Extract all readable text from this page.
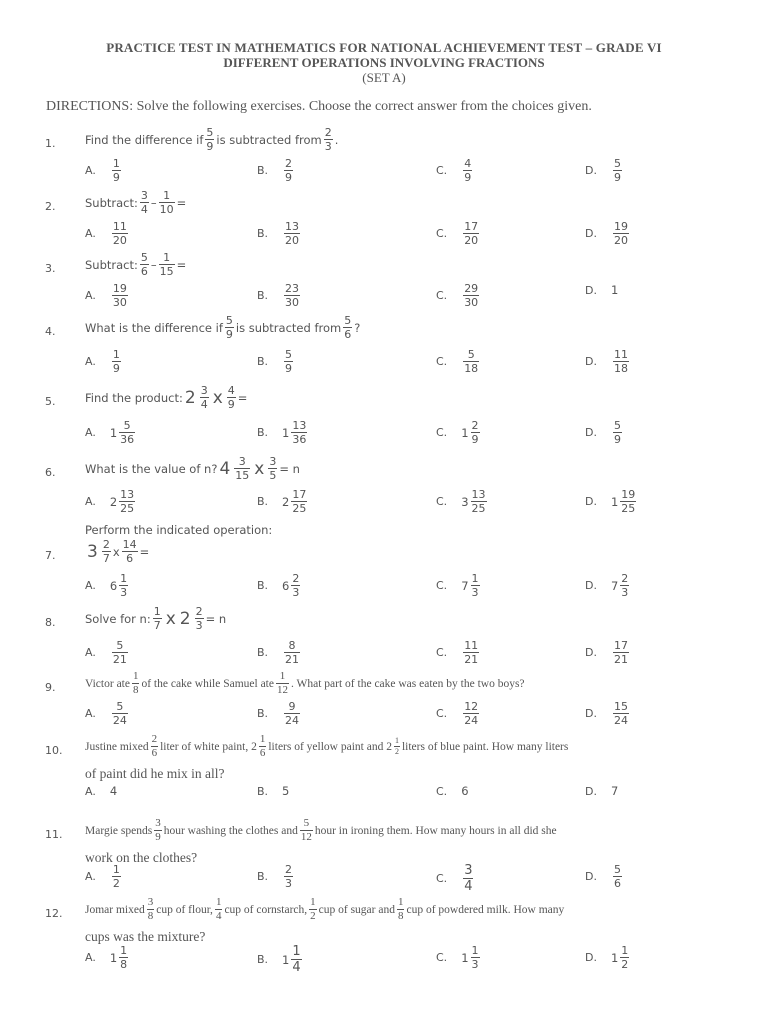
PRACTICE TEST IN MATHEMATICS FOR NATIONAL ACHIEVEMENT TEST – GRADE VI
DIFFERENT OPERATIONS INVOLVING FRACTIONS
(SET A)
DIRECTIONS: Solve the following exercises. Choose the correct answer from the choices given.
Perform the indicated operation:
1.	Find the difference if $\frac{5}{9}$ is subtracted from $\frac{2}{3}$ .
A. $\frac{1}{9}$	B. $\frac{2}{9}$	C. $\frac{4}{9}$	D. $\frac{5}{9}$
2.	Subtract: $\frac{3}{4} - \frac{1}{10}$ =
A. $\frac{11}{20}$	B. $\frac{13}{20}$	C. $\frac{17}{20}$	D. $\frac{19}{20}$
3.	Subtract: $\frac{5}{6} - \frac{1}{15}$ =
A. $\frac{19}{30}$	B. $\frac{23}{30}$	C. $\frac{29}{30}$	D. 1
4.	What is the difference if $\frac{5}{9}$ is subtracted from $\frac{5}{6}$ ?
A. $\frac{1}{9}$	B. $\frac{5}{9}$	C. $\frac{5}{18}$	D. $\frac{11}{18}$
5.	Find the product: $2 \frac{3}{4}$ x $\frac{4}{9}$ =
A. $1 \frac{5}{36}$	B. $1 \frac{13}{36}$	C. $1 \frac{2}{9}$	D. $\frac{5}{9}$
6.	What is the value of n? $4 \frac{3}{15}$ x $\frac{3}{5} = n$
A. $2 \frac{13}{25}$	B. $2 \frac{17}{25}$	C. $3 \frac{13}{25}$	D. $1 \frac{19}{25}$
7. $3 \frac{2}{7}$ x $\frac{14}{6}$ =
A. $6 \frac{1}{3}$	B. $6 \frac{2}{3}$	C. $7 \frac{1}{3}$	D. $7 \frac{2}{3}$
8.	Solve for n: $\frac{1}{7}$ x $2 \frac{2}{3} = n$
A. $\frac{5}{21}$	B. $\frac{8}{21}$	C. $\frac{11}{21}$	D. $\frac{17}{21}$
9.	Victor ate $\frac{1}{8}$ of the cake while Samuel ate $\frac{1}{12}$ . What part of the cake was eaten by the two boys?
A. $\frac{5}{24}$	B. $\frac{9}{24}$	C. $\frac{12}{24}$	D. $\frac{15}{24}$
10. Justine mixed $\frac{2}{6}$ liter of white paint, $2 \frac{1}{6}$ liters of yellow paint and $2 \frac{1}{2}$ liters of blue paint. How many liters
of paint did he mix in all?
A. 4	B. 5	C. 6	D. 7
11. Margie spends $\frac{3}{9}$ hour washing the clothes and $\frac{5}{12}$ hour in ironing them. How many hours in all did she
work on the clothes?
A. $\frac{1}{2}$	B. $\frac{2}{3}$	C. $\frac{3}{4}$	D. $\frac{5}{6}$
12. Jomar mixed $\frac{3}{8}$ cup of flour, $\frac{1}{4}$ cup of cornstarch, $\frac{1}{2}$ cup of sugar and $\frac{1}{8}$ cup of powdered milk. How many
cups was the mixture?
A. $1 \frac{1}{8}$	B. $1 \frac{1}{4}$	C. $1 \frac{1}{3}$	D. $1 \frac{1}{2}$
